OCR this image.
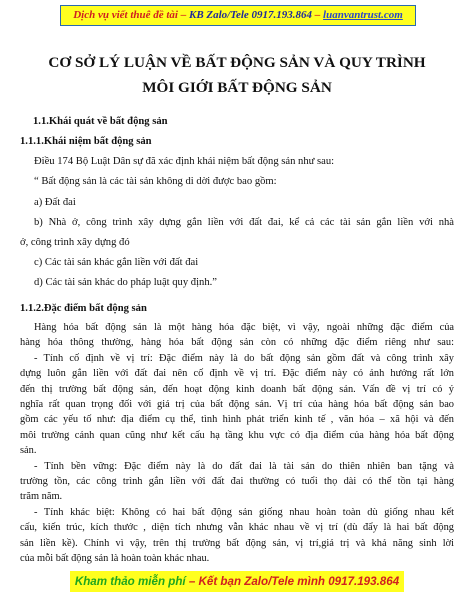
Dịch vụ viết thuê đề tài – KB Zalo/Tele 0917.193.864 – luanvantrust.com
CƠ SỞ LÝ LUẬN VỀ BẤT ĐỘNG SẢN VÀ QUY TRÌNH
MÔI GIỚI BẤT ĐỘNG SẢN
1.1.Khái quát về bất động sản
1.1.1.Khái niệm bất động sản
Điều 174 Bộ Luật Dân sự đã xác định khái niệm bất động sản như sau:
“ Bất động sản là các tài sản không di dời được bao gồm:
a) Đất đai
b) Nhà ở, công trình xây dựng gắn liền với đất đai, kể cả các tài sản gắn liền với nhà
ở, công trình xây dựng đó
c) Các tài sản khác gắn liền với đất đai
d) Các tài sản khác do pháp luật quy định.”
1.1.2.Đặc điểm bất động sản
Hàng hóa bất động sản là một hàng hóa đặc biệt, vì vậy, ngoài những đặc điểm của
hàng hóa thông thường, hàng hóa bất động sản còn có những đặc điểm riêng như sau:
- Tính cố định về vị trí: Đặc điểm này là do bất động sản gồm đất và công trình xây
dựng luôn gắn liền với đất đai nên cố định về vị trí. Đặc điểm này có ảnh hưởng rất lớn
đến thị trường bất động sản, đến hoạt động kinh doanh bất động sản. Vấn đề vị trí có ý
nghĩa rất quan trọng đối với giá trị của bất động sản. Vị trí của hàng hóa bất động sản bao
gồm các yếu tố như: địa điểm cụ thể, tình hình phát triển kinh tế , văn hóa – xã hội và đến
môi trường cảnh quan cũng như kết cấu hạ tầng khu vực có địa điểm của hàng hóa bất động
sản.
- Tính bền vững: Đặc điểm này là do đất đai là tài sản do thiên nhiên ban tặng và
trường tồn, các công trình gắn liền với đất đai thường có tuổi thọ dài có thể tồn tại hàng
trăm năm.
- Tính khác biệt: Không có hai bất động sản giống nhau hoàn toàn dù giống nhau kết
cấu, kiến trúc, kích thước , diện tích nhưng vẫn khác nhau về vị trí (dù đẩy là hai bất động
sản liền kề). Chính vì vậy, trên thị trường bất động sản, vị trí,giá trị và khả năng sinh lời
của mỗi bất động sản là hoàn toàn khác nhau.
Kham thảo miễn phí – Kết bạn Zalo/Tele mình 0917.193.864
